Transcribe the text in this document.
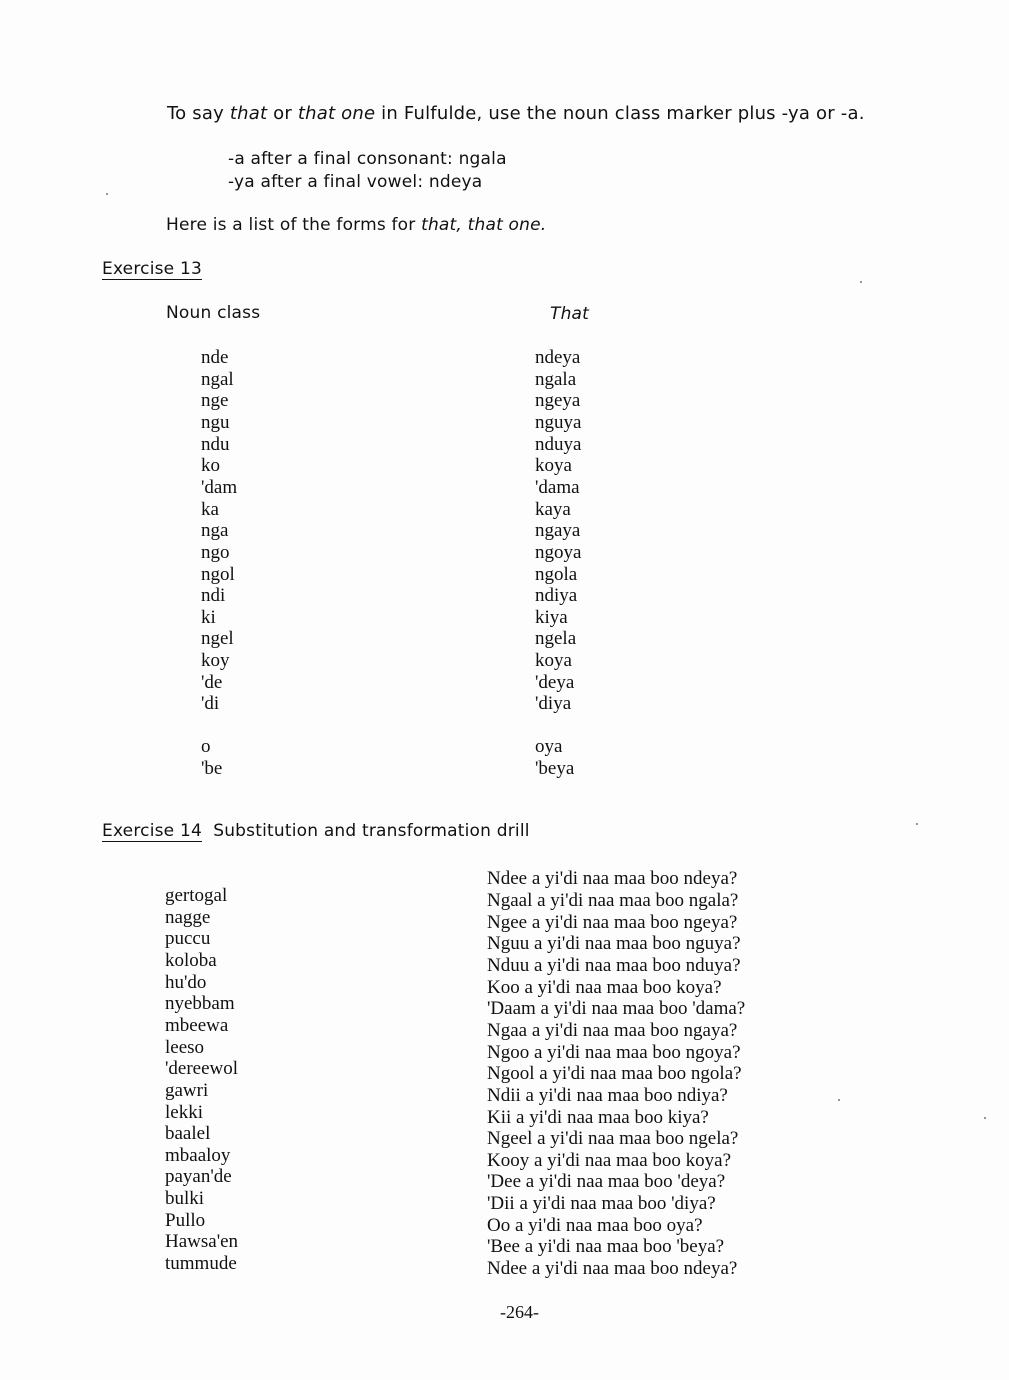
To say that or that one in Fulfulde, use the noun class marker plus -ya or -a.
-a after a final consonant: ngala
-ya after a final vowel: ndeya
Here is a list of the forms for that, that one.
Exercise 13
Noun class	That
nde
ngal
nge
ngu
ndu
ko
'dam
ka
nga
ngo
ngol
ndi
ki
ngel
koy
'de
'di
o
'be
ndeya
ngala
ngeya
nguya
nduya
koya
'dama
kaya
ngaya
ngoya
ngola
ndiya
kiya
ngela
koya
'deya
'diya
oya
'beya
Exercise 14 Substitution and transformation drill
Ndee a yi'di naa maa boo ndeya?
gertogal
nagge
puccu
koloba
hu'do
nyebbam
mbeewa
leeso
'dereewol
gawri
lekki
baalel
mbaaloy
payan'de
bulki
Pullo
Hawsa'en
tummude
Ngaal a yi'di naa maa boo ngala?
Ngee a yi'di naa maa boo ngeya?
Nguu a yi'di naa maa boo nguya?
Nduu a yi'di naa maa boo nduya?
Koo a yi'di naa maa boo koya?
'Daam a yi'di naa maa boo 'dama?
Ngaa a yi'di naa maa boo ngaya?
Ngoo a yi'di naa maa boo ngoya?
Ngool a yi'di naa maa boo ngola?
Ndii a yi'di naa maa boo ndiya?
Kii a yi'di naa maa boo kiya?
Ngeel a yi'di naa maa boo ngela?
Kooy a yi'di naa maa boo koya?
'Dee a yi'di naa maa boo 'deya?
'Dii a yi'di naa maa boo 'diya?
Oo a yi'di naa maa boo oya?
'Bee a yi'di naa maa boo 'beya?
Ndee a yi'di naa maa boo ndeya?
-264-
